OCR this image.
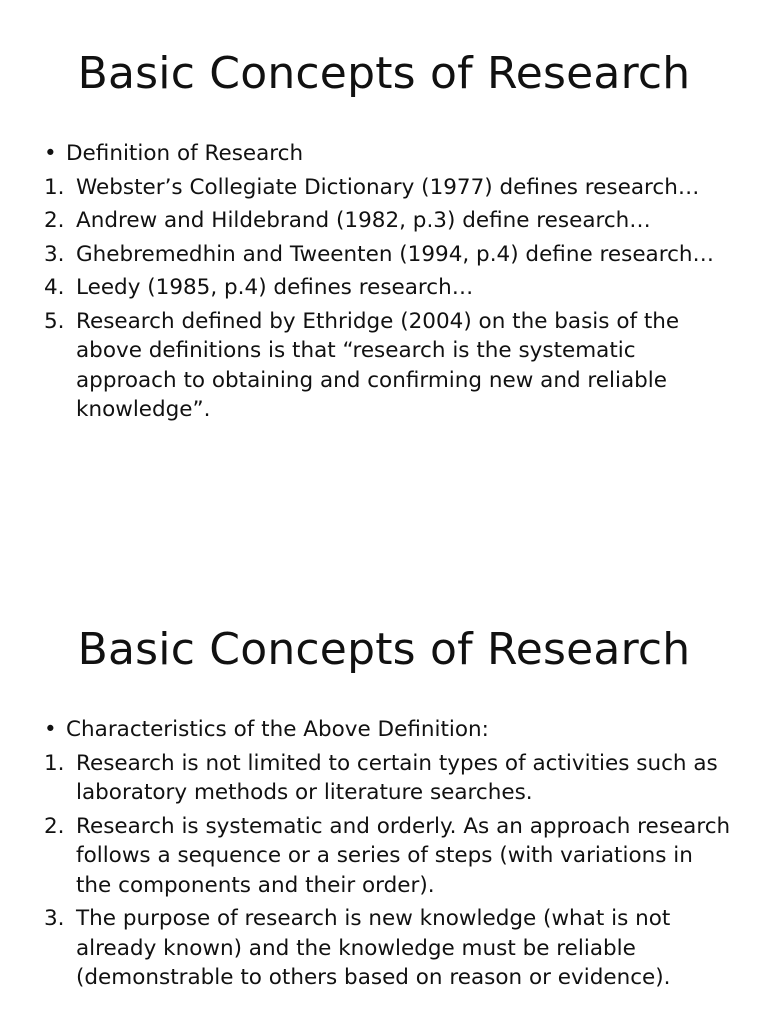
Basic Concepts of Research
• Definition of Research
1. Webster’s Collegiate Dictionary (1977) defines research…
2. Andrew and Hildebrand (1982, p.3) define research…
3. Ghebremedhin and Tweenten (1994, p.4) define research…
4. Leedy (1985, p.4) defines research…
5. Research defined by Ethridge (2004) on the basis of the above definitions is that “research is the systematic approach to obtaining and confirming new and reliable knowledge”.
Basic Concepts of Research
• Characteristics of the Above Definition:
1. Research is not limited to certain types of activities such as laboratory methods or literature searches.
2. Research is systematic and orderly. As an approach research follows a sequence or a series of steps (with variations in the components and their order).
3. The purpose of research is new knowledge (what is not already known) and the knowledge must be reliable (demonstrable to others based on reason or evidence).
